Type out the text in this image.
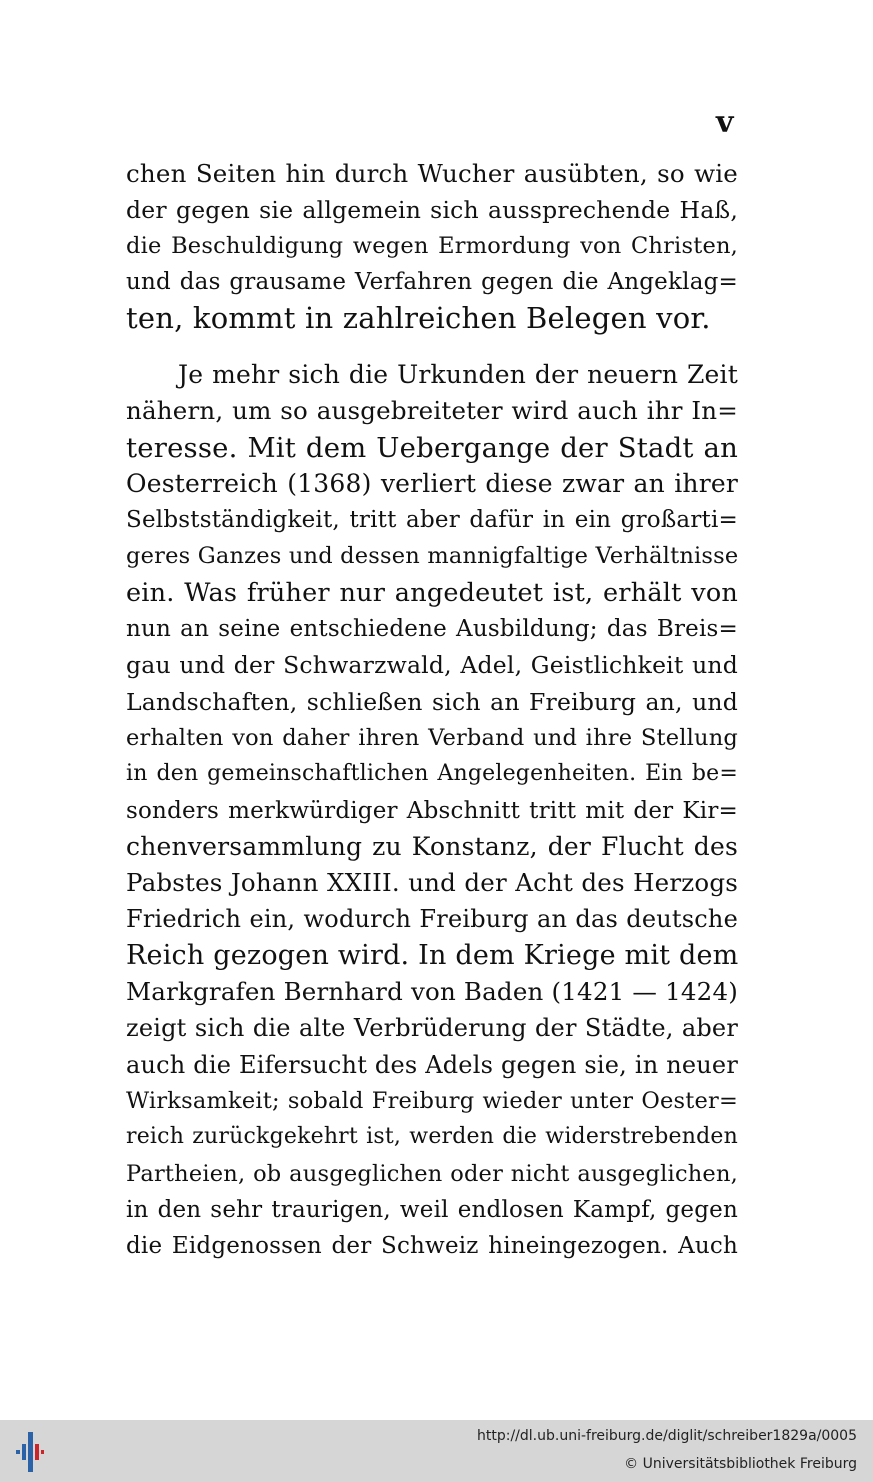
v
chen Seiten hin durch Wucher ausübten, so wie
der gegen sie allgemein sich aussprechende Haß,
die Beschuldigung wegen Ermordung von Christen,
und das grausame Verfahren gegen die Angeklag=
ten, kommt in zahlreichen Belegen vor.
Je mehr sich die Urkunden der neuern Zeit
nähern, um so ausgebreiteter wird auch ihr In=
teresse. Mit dem Uebergange der Stadt an
Oesterreich (1368) verliert diese zwar an ihrer
Selbstständigkeit, tritt aber dafür in ein großarti=
geres Ganzes und dessen mannigfaltige Verhältnisse
ein. Was früher nur angedeutet ist, erhält von
nun an seine entschiedene Ausbildung; das Breis=
gau und der Schwarzwald, Adel, Geistlichkeit und
Landschaften, schließen sich an Freiburg an, und
erhalten von daher ihren Verband und ihre Stellung
in den gemeinschaftlichen Angelegenheiten. Ein be=
sonders merkwürdiger Abschnitt tritt mit der Kir=
chenversammlung zu Konstanz, der Flucht des
Pabstes Johann XXIII. und der Acht des Herzogs
Friedrich ein, wodurch Freiburg an das deutsche
Reich gezogen wird. In dem Kriege mit dem
Markgrafen Bernhard von Baden (1421 — 1424)
zeigt sich die alte Verbrüderung der Städte, aber
auch die Eifersucht des Adels gegen sie, in neuer
Wirksamkeit; sobald Freiburg wieder unter Oester=
reich zurückgekehrt ist, werden die widerstrebenden
Partheien, ob ausgeglichen oder nicht ausgeglichen,
in den sehr traurigen, weil endlosen Kampf, gegen
die Eidgenossen der Schweiz hineingezogen. Auch
http://dl.ub.uni-freiburg.de/diglit/schreiber1829a/0005
© Universitätsbibliothek Freiburg
